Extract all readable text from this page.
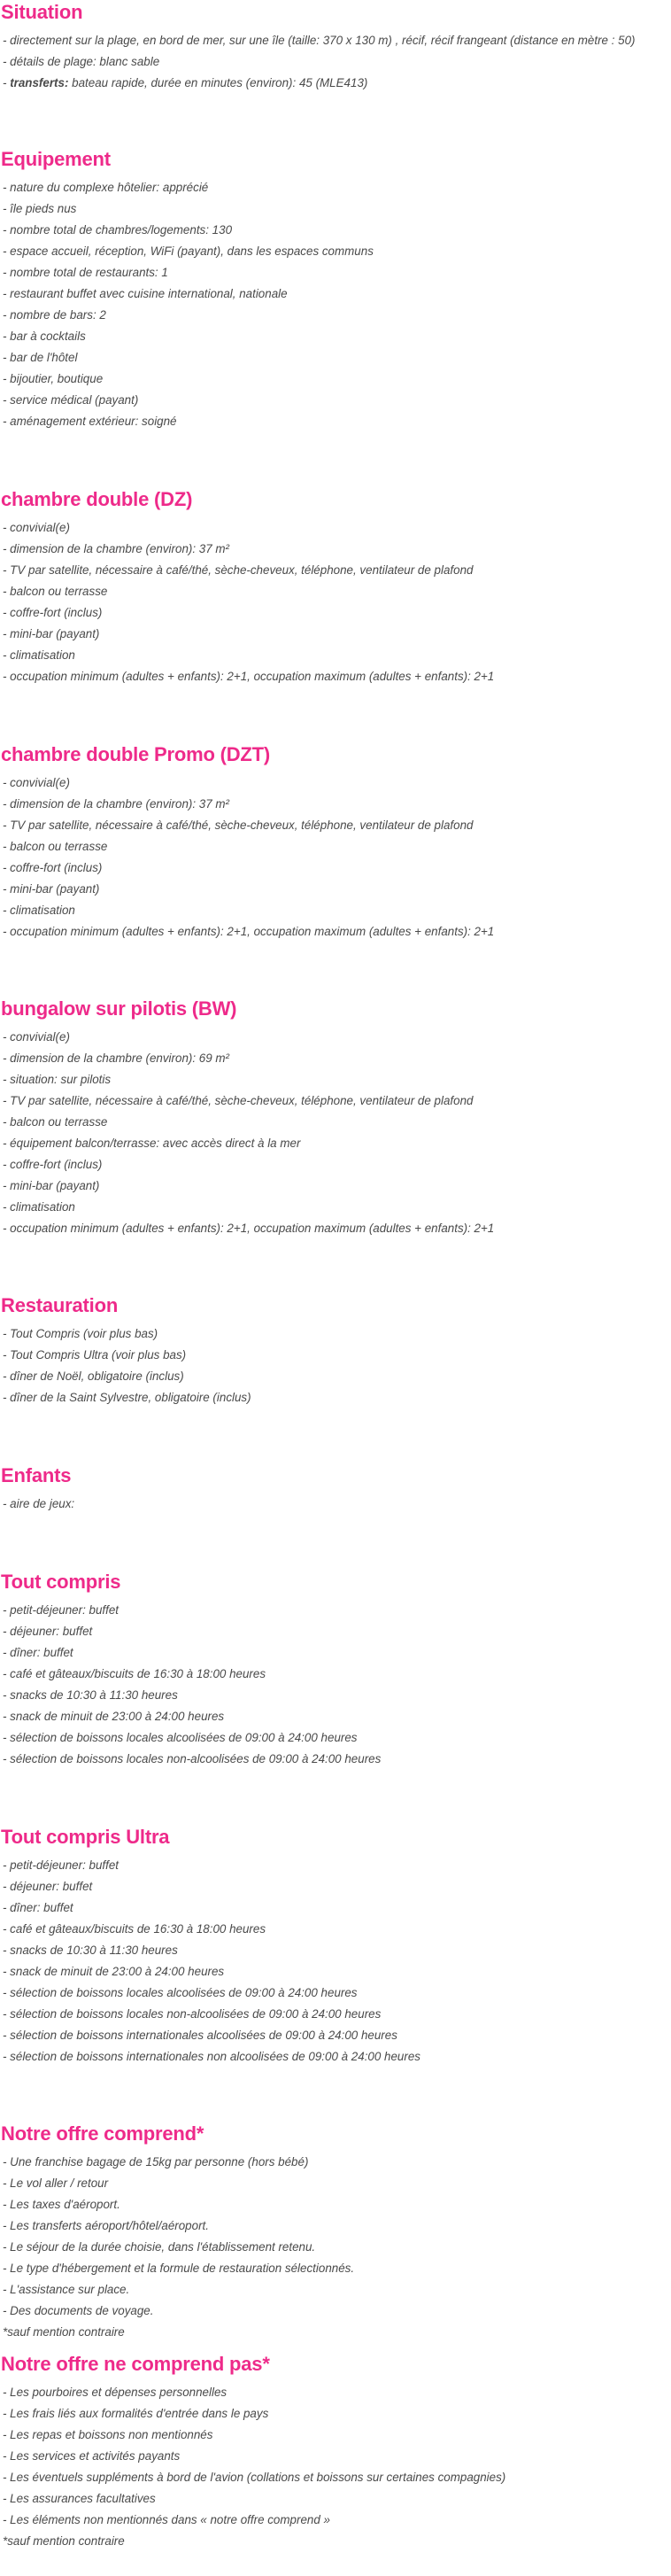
Situation
- directement sur la plage, en bord de mer, sur une île (taille: 370 x 130 m) , récif, récif frangeant (distance en mètre : 50)
- détails de plage: blanc sable
- transferts: bateau rapide, durée en minutes (environ): 45 (MLE413)
Equipement
- nature du complexe hôtelier: apprécié
- île pieds nus
- nombre total de chambres/logements: 130
- espace accueil, réception, WiFi (payant), dans les espaces communs
- nombre total de restaurants: 1
- restaurant buffet avec cuisine international, nationale
- nombre de bars: 2
- bar à cocktails
- bar de l'hôtel
- bijoutier, boutique
- service médical (payant)
- aménagement extérieur: soigné
chambre double (DZ)
- convivial(e)
- dimension de la chambre (environ): 37 m²
- TV par satellite, nécessaire à café/thé, sèche-cheveux, téléphone, ventilateur de plafond
- balcon ou terrasse
- coffre-fort (inclus)
- mini-bar (payant)
- climatisation
- occupation minimum (adultes + enfants): 2+1, occupation maximum (adultes + enfants): 2+1
chambre double Promo (DZT)
- convivial(e)
- dimension de la chambre (environ): 37 m²
- TV par satellite, nécessaire à café/thé, sèche-cheveux, téléphone, ventilateur de plafond
- balcon ou terrasse
- coffre-fort (inclus)
- mini-bar (payant)
- climatisation
- occupation minimum (adultes + enfants): 2+1, occupation maximum (adultes + enfants): 2+1
bungalow sur pilotis (BW)
- convivial(e)
- dimension de la chambre (environ): 69 m²
- situation: sur pilotis
- TV par satellite, nécessaire à café/thé, sèche-cheveux, téléphone, ventilateur de plafond
- balcon ou terrasse
- équipement balcon/terrasse: avec accès direct à la mer
- coffre-fort (inclus)
- mini-bar (payant)
- climatisation
- occupation minimum (adultes + enfants): 2+1, occupation maximum (adultes + enfants): 2+1
Restauration
- Tout Compris (voir plus bas)
- Tout Compris Ultra (voir plus bas)
- dîner de Noël, obligatoire (inclus)
- dîner de la Saint Sylvestre, obligatoire (inclus)
Enfants
- aire de jeux:
Tout compris
- petit-déjeuner: buffet
- déjeuner: buffet
- dîner: buffet
- café et gâteaux/biscuits de 16:30 à 18:00 heures
- snacks de 10:30 à 11:30 heures
- snack de minuit de 23:00 à 24:00 heures
- sélection de boissons locales alcoolisées de 09:00 à 24:00 heures
- sélection de boissons locales non-alcoolisées de 09:00 à 24:00 heures
Tout compris Ultra
- petit-déjeuner: buffet
- déjeuner: buffet
- dîner: buffet
- café et gâteaux/biscuits de 16:30 à 18:00 heures
- snacks de 10:30 à 11:30 heures
- snack de minuit de 23:00 à 24:00 heures
- sélection de boissons locales alcoolisées de 09:00 à 24:00 heures
- sélection de boissons locales non-alcoolisées de 09:00 à 24:00 heures
- sélection de boissons internationales alcoolisées de 09:00 à 24:00 heures
- sélection de boissons internationales non alcoolisées de 09:00 à 24:00 heures
Notre offre comprend*
- Une franchise bagage de 15kg par personne (hors bébé)
- Le vol aller / retour
- Les taxes d'aéroport.
- Les transferts aéroport/hôtel/aéroport.
- Le séjour de la durée choisie, dans l'établissement retenu.
- Le type d'hébergement et la formule de restauration sélectionnés.
- L'assistance sur place.
- Des documents de voyage.
*sauf mention contraire
Notre offre ne comprend pas*
- Les pourboires et dépenses personnelles
- Les frais liés aux formalités d'entrée dans le pays
- Les repas et boissons non mentionnés
- Les services et activités payants
- Les éventuels suppléments à bord de l'avion (collations et boissons sur certaines compagnies)
- Les assurances facultatives
- Les éléments non mentionnés dans « notre offre comprend »
*sauf mention contraire
